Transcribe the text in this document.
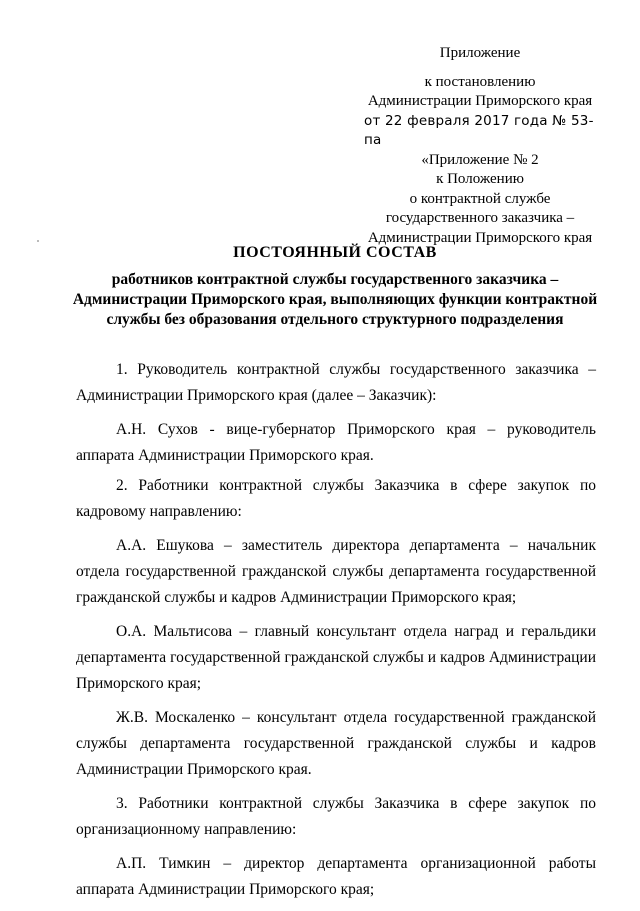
Приложение
к постановлению
Администрации Приморского края
от 22 февраля 2017 года № 53-па
«Приложение № 2
к Положению
о контрактной службе
государственного заказчика –
Администрации Приморского края
ПОСТОЯННЫЙ СОСТАВ
работников контрактной службы государственного заказчика –
Администрации Приморского края, выполняющих функции контрактной
службы без образования отдельного структурного подразделения

1. Руководитель контрактной службы государственного заказчика – Администрации Приморского края (далее – Заказчик):

А.Н. Сухов - вице-губернатор Приморского края – руководитель аппарата Администрации Приморского края.

2. Работники контрактной службы Заказчика в сфере закупок по кадровому направлению:

А.А. Ешукова – заместитель директора департамента – начальник отдела государственной гражданской службы департамента государственной гражданской службы и кадров Администрации Приморского края;

О.А. Мальтисова – главный консультант отдела наград и геральдики департамента государственной гражданской службы и кадров Администрации Приморского края;

Ж.В. Москаленко – консультант отдела государственной гражданской службы департамента государственной гражданской службы и кадров Администрации Приморского края.

3. Работники контрактной службы Заказчика в сфере закупок по организационному направлению:

А.П. Тимкин – директор департамента организационной работы аппарата Администрации Приморского края;
